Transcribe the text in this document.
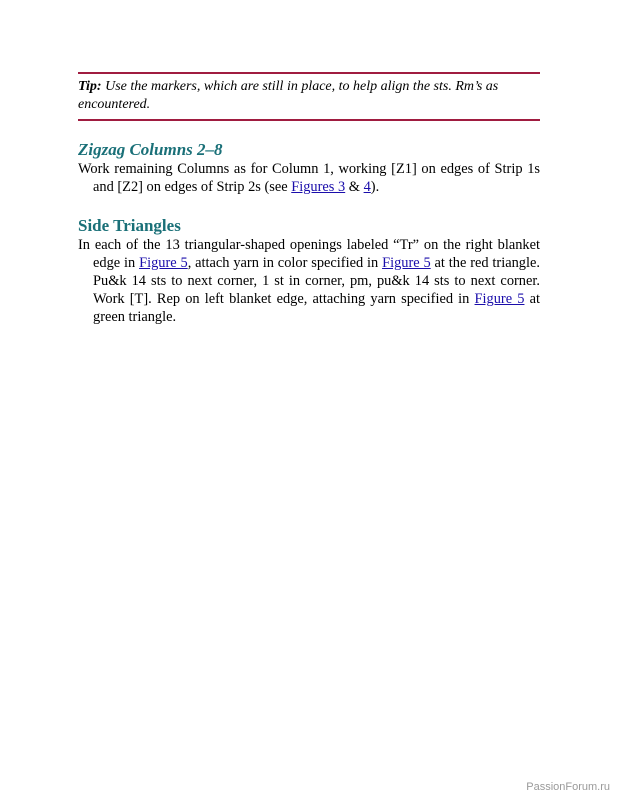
Tip: Use the markers, which are still in place, to help align the sts. Rm’s as encountered.
Zigzag Columns 2–8

Work remaining Columns as for Column 1, working [Z1] on edges of Strip 1s and [Z2] on edges of Strip 2s (see Figures 3 & 4).

Side Triangles

In each of the 13 triangular-shaped openings labeled “Tr” on the right blanket edge in Figure 5, attach yarn in color specified in Figure 5 at the red triangle. Pu&k 14 sts to next corner, 1 st in corner, pm, pu&k 14 sts to next corner. Work [T]. Rep on left blanket edge, attaching yarn specified in Figure 5 at green triangle.

PassionForum.ru
